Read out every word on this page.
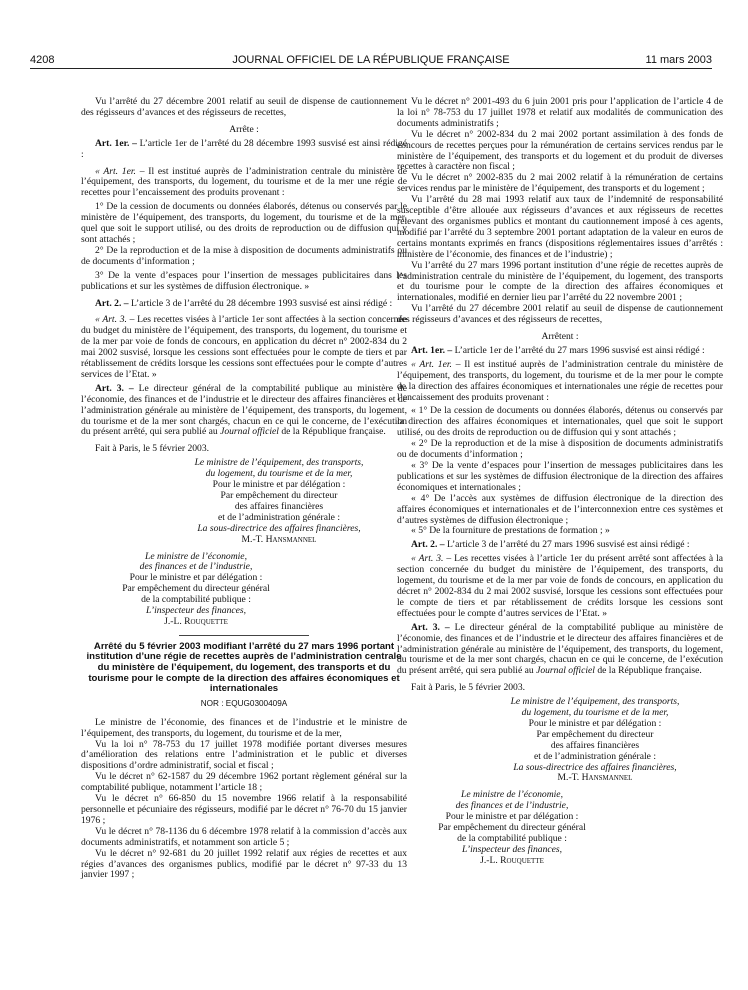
4208	JOURNAL OFFICIEL DE LA RÉPUBLIQUE FRANÇAISE	11 mars 2003

Vu l’arrêté du 27 décembre 2001 relatif au seuil de dispense de cautionnement des régisseurs d’avances et des régisseurs de recettes,

Arrête :

Art. 1er. – L’article 1er de l’arrêté du 28 décembre 1993 susvisé est ainsi rédigé :

« Art. 1er. – Il est institué auprès de l’administration centrale du ministère de l’équipement, des transports, du logement, du tourisme et de la mer une régie de recettes pour l’encaissement des produits provenant :

1° De la cession de documents ou données élaborés, détenus ou conservés par le ministère de l’équipement, des transports, du logement, du tourisme et de la mer, quel que soit le support utilisé, ou des droits de reproduction ou de diffusion qui y sont attachés ;

2° De la reproduction et de la mise à disposition de documents administratifs ou de documents d’information ;

3° De la vente d’espaces pour l’insertion de messages publicitaires dans les publications et sur les systèmes de diffusion électronique. »

Art. 2. – L’article 3 de l’arrêté du 28 décembre 1993 susvisé est ainsi rédigé :

« Art. 3. – Les recettes visées à l’article 1er sont affectées à la section concernée du budget du ministère de l’équipement, des transports, du logement, du tourisme et de la mer par voie de fonds de concours, en application du décret n° 2002-834 du 2 mai 2002 susvisé, lorsque les cessions sont effectuées pour le compte de tiers et par rétablissement de crédits lorsque les cessions sont effectuées pour le compte d’autres services de l’Etat. »

Art. 3. – Le directeur général de la comptabilité publique au ministère de l’économie, des finances et de l’industrie et le directeur des affaires financières et de l’administration générale au ministère de l’équipement, des transports, du logement, du tourisme et de la mer sont chargés, chacun en ce qui le concerne, de l’exécution du présent arrêté, qui sera publié au Journal officiel de la République française.

Fait à Paris, le 5 février 2003.

Le ministre de l’équipement, des transports,
du logement, du tourisme et de la mer,
Pour le ministre et par délégation :
Par empêchement du directeur
des affaires financières
et de l’administration générale :
La sous-directrice des affaires financières,
M.-T. Hansmannel
Le ministre de l’économie,
des finances et de l’industrie,
Pour le ministre et par délégation :
Par empêchement du directeur général
de la comptabilité publique :
L’inspecteur des finances,
J.-L. Rouquette

Arrêté du 5 février 2003 modifiant l’arrêté du 27 mars 1996 portant institution d’une régie de recettes auprès de l’administration centrale du ministère de l’équipement, du logement, des transports et du tourisme pour le compte de la direction des affaires économiques et internationales

NOR : EQUG0300409A

Le ministre de l’économie, des finances et de l’industrie et le ministre de l’équipement, des transports, du logement, du tourisme et de la mer,

Vu la loi n° 78-753 du 17 juillet 1978 modifiée portant diverses mesures d’amélioration des relations entre l’administration et le public et diverses dispositions d’ordre administratif, social et fiscal ;

Vu le décret n° 62-1587 du 29 décembre 1962 portant règlement général sur la comptabilité publique, notamment l’article 18 ;

Vu le décret n° 66-850 du 15 novembre 1966 relatif à la responsabilité personnelle et pécuniaire des régisseurs, modifié par le décret n° 76-70 du 15 janvier 1976 ;

Vu le décret n° 78-1136 du 6 décembre 1978 relatif à la commission d’accès aux documents administratifs, et notamment son article 5 ;

Vu le décret n° 92-681 du 20 juillet 1992 relatif aux régies de recettes et aux régies d’avances des organismes publics, modifié par le décret n° 97-33 du 13 janvier 1997 ;

Vu le décret n° 2001-493 du 6 juin 2001 pris pour l’application de l’article 4 de la loi n° 78-753 du 17 juillet 1978 et relatif aux modalités de communication des documents administratifs ;

Vu le décret n° 2002-834 du 2 mai 2002 portant assimilation à des fonds de concours de recettes perçues pour la rémunération de certains services rendus par le ministère de l’équipement, des transports et du logement et du produit de diverses recettes à caractère non fiscal ;

Vu le décret n° 2002-835 du 2 mai 2002 relatif à la rémunération de certains services rendus par le ministère de l’équipement, des transports et du logement ;

Vu l’arrêté du 28 mai 1993 relatif aux taux de l’indemnité de responsabilité susceptible d’être allouée aux régisseurs d’avances et aux régisseurs de recettes relevant des organismes publics et montant du cautionnement imposé à ces agents, modifié par l’arrêté du 3 septembre 2001 portant adaptation de la valeur en euros de certains montants exprimés en francs (dispositions réglementaires issues d’arrêtés : ministère de l’économie, des finances et de l’industrie) ;

Vu l’arrêté du 27 mars 1996 portant institution d’une régie de recettes auprès de l’administration centrale du ministère de l’équipement, du logement, des transports et du tourisme pour le compte de la direction des affaires économiques et internationales, modifié en dernier lieu par l’arrêté du 22 novembre 2001 ;

Vu l’arrêté du 27 décembre 2001 relatif au seuil de dispense de cautionnement des régisseurs d’avances et des régisseurs de recettes,

Arrêtent :

Art. 1er. – L’article 1er de l’arrêté du 27 mars 1996 susvisé est ainsi rédigé :

« Art. 1er. – Il est institué auprès de l’administration centrale du ministère de l’équipement, des transports, du logement, du tourisme et de la mer pour le compte de la direction des affaires économiques et internationales une régie de recettes pour l’encaissement des produits provenant :

« 1° De la cession de documents ou données élaborés, détenus ou conservés par la direction des affaires économiques et internationales, quel que soit le support utilisé, ou des droits de reproduction ou de diffusion qui y sont attachés ;

« 2° De la reproduction et de la mise à disposition de documents administratifs ou de documents d’information ;

« 3° De la vente d’espaces pour l’insertion de messages publicitaires dans les publications et sur les systèmes de diffusion électronique de la direction des affaires économiques et internationales ;

« 4° De l’accès aux systèmes de diffusion électronique de la direction des affaires économiques et internationales et de l’interconnexion entre ces systèmes et d’autres systèmes de diffusion électronique ;

« 5° De la fourniture de prestations de formation ; »

Art. 2. – L’article 3 de l’arrêté du 27 mars 1996 susvisé est ainsi rédigé :

« Art. 3. – Les recettes visées à l’article 1er du présent arrêté sont affectées à la section concernée du budget du ministère de l’équipement, des transports, du logement, du tourisme et de la mer par voie de fonds de concours, en application du décret n° 2002-834 du 2 mai 2002 susvisé, lorsque les cessions sont effectuées pour le compte de tiers et par rétablissement de crédits lorsque les cessions sont effectuées pour le compte d’autres services de l’Etat. »

Art. 3. – Le directeur général de la comptabilité publique au ministère de l’économie, des finances et de l’industrie et le directeur des affaires financières et de l’administration générale au ministère de l’équipement, des transports, du logement, du tourisme et de la mer sont chargés, chacun en ce qui le concerne, de l’exécution du présent arrêté, qui sera publié au Journal officiel de la République française.

Fait à Paris, le 5 février 2003.

Le ministre de l’équipement, des transports,
du logement, du tourisme et de la mer,
Pour le ministre et par délégation :
Par empêchement du directeur
des affaires financières
et de l’administration générale :
La sous-directrice des affaires financières,
M.-T. Hansmannel
Le ministre de l’économie,
des finances et de l’industrie,
Pour le ministre et par délégation :
Par empêchement du directeur général
de la comptabilité publique :
L’inspecteur des finances,
J.-L. Rouquette
